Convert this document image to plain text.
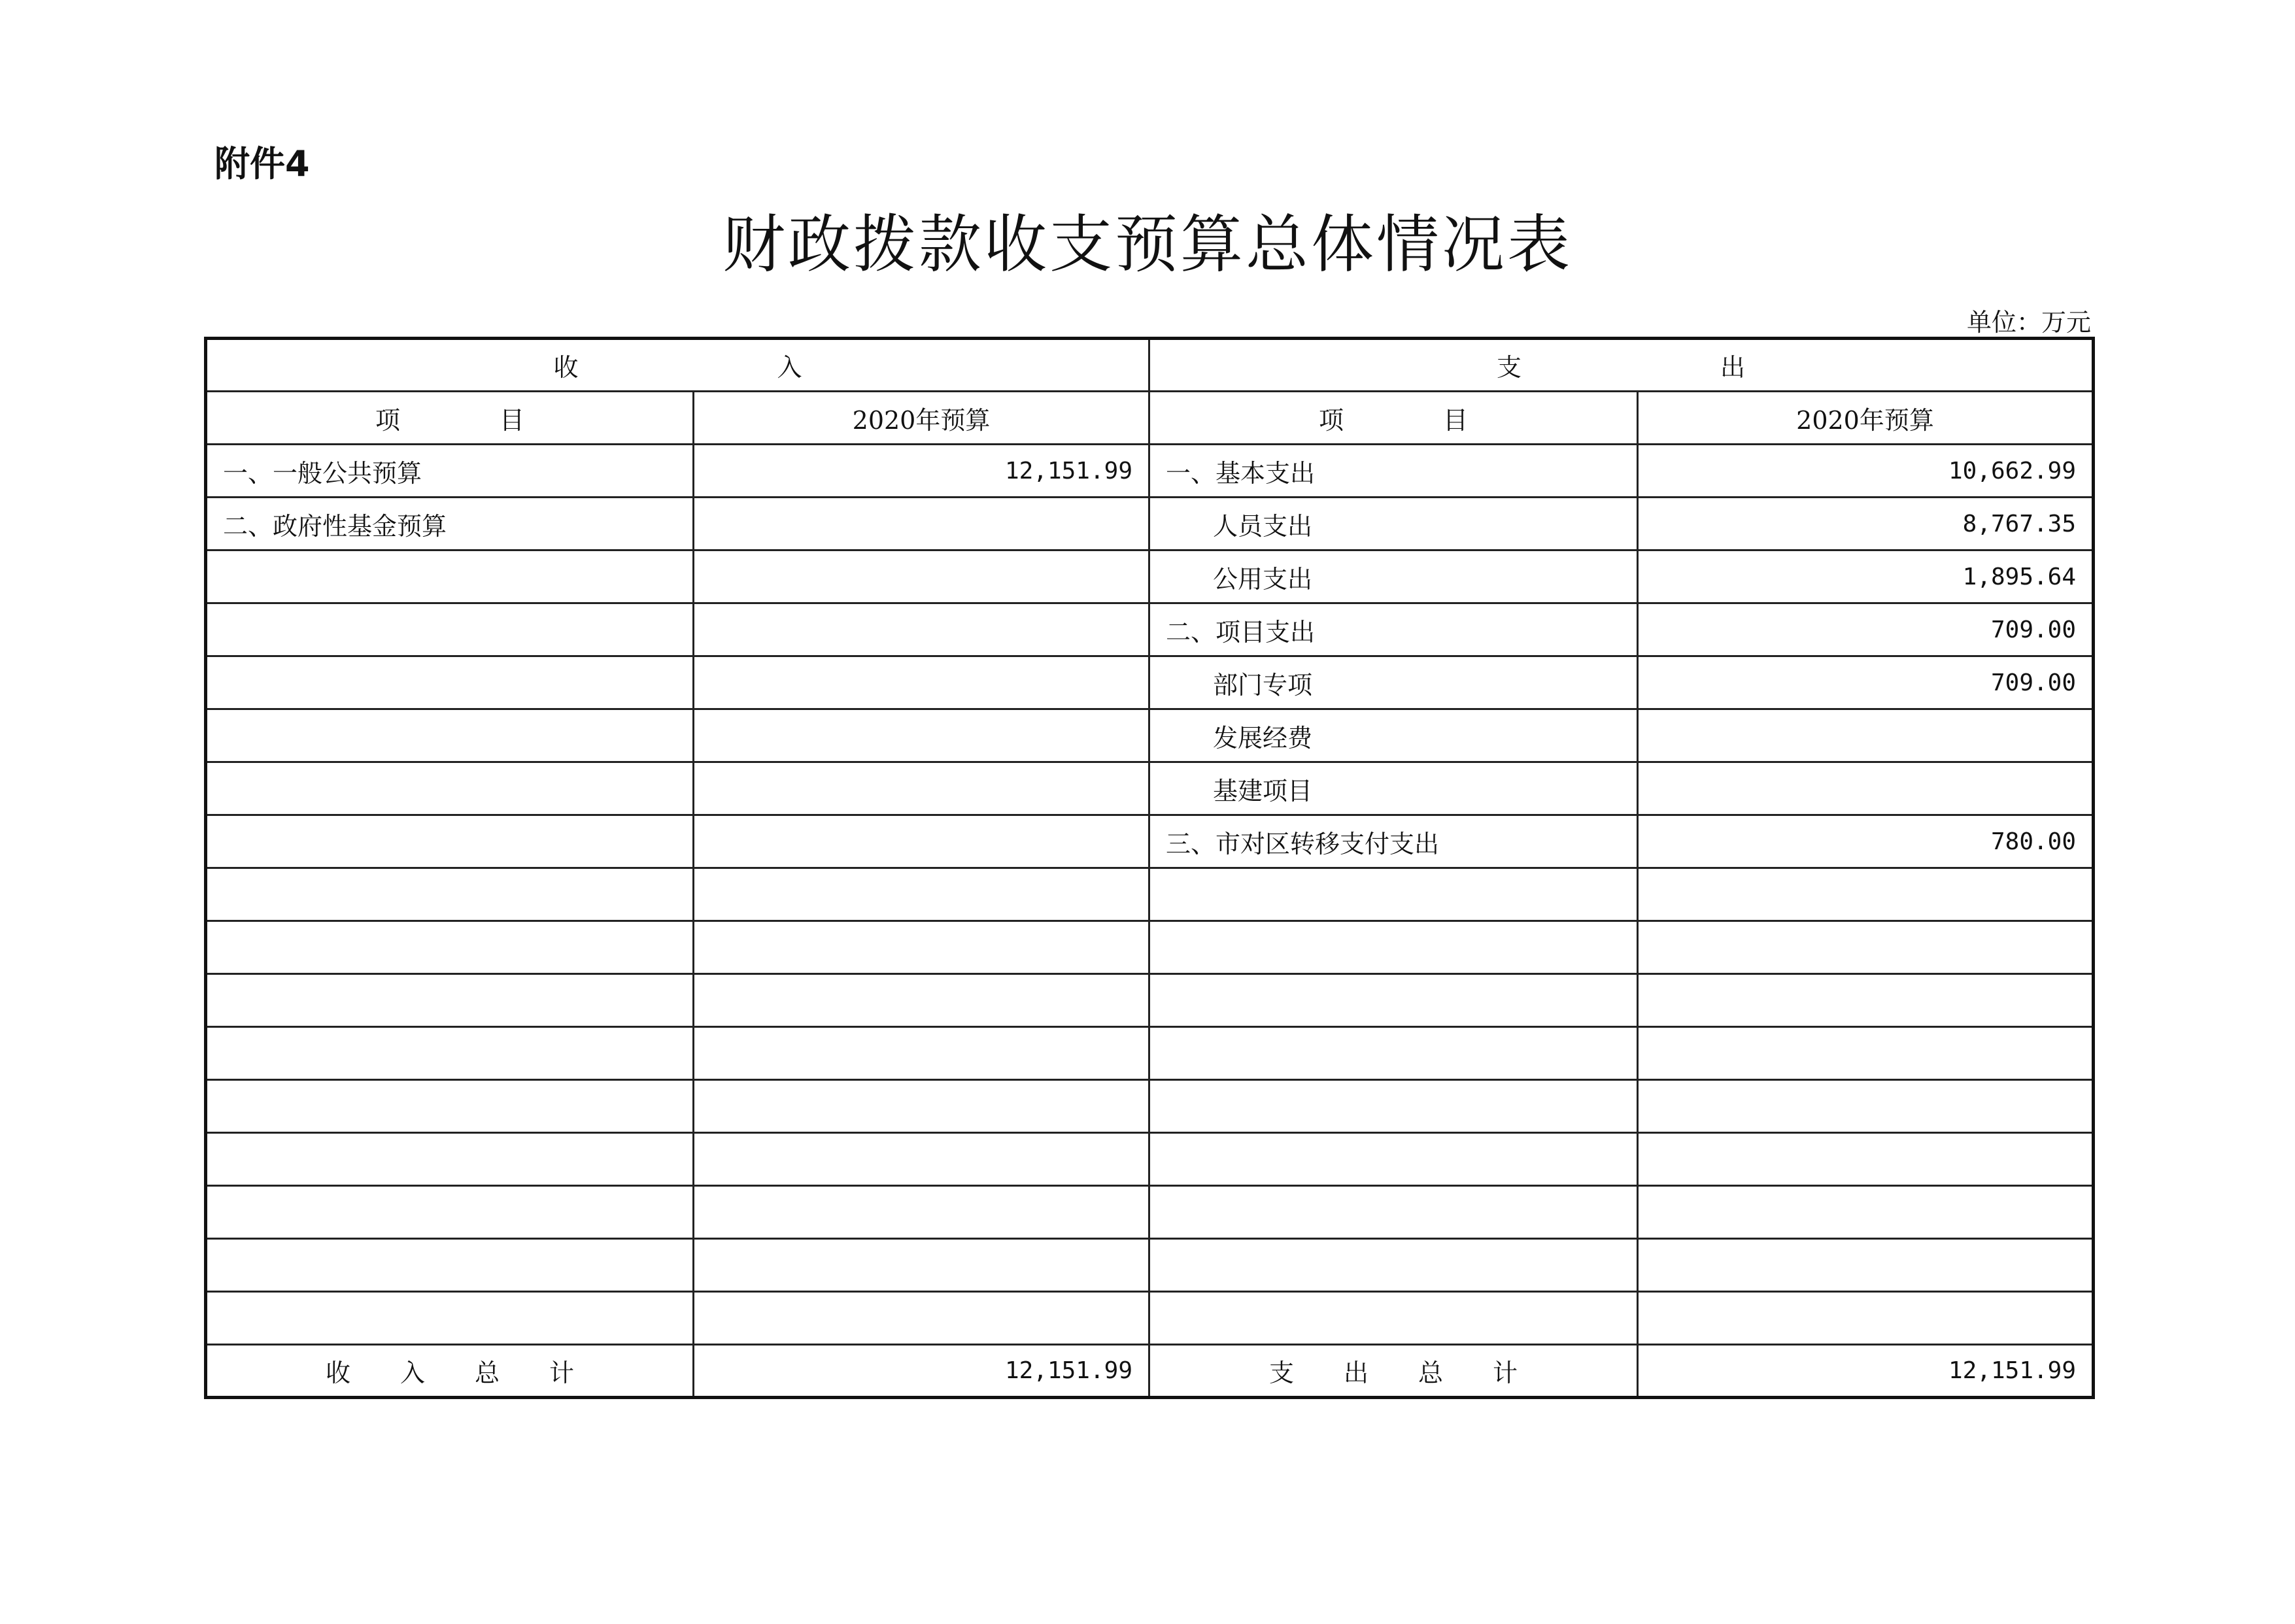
附件4
财政拨款收支预算总体情况表
单位：万元
收　　　　　　　　入		支　　　　　　　　出	
项　　　　目	2020年预算	项　　　　目	2020年预算
一、一般公共预算	12,151.99	一、基本支出	10,662.99
二、政府性基金预算		人员支出	8,767.35
		公用支出	1,895.64
		二、项目支出	709.00
		部门专项	709.00
		发展经费	
		基建项目	
		三、市对区转移支付支出	780.00

收　　入　　总　　计	12,151.99	支　　出　　总　　计	12,151.99
